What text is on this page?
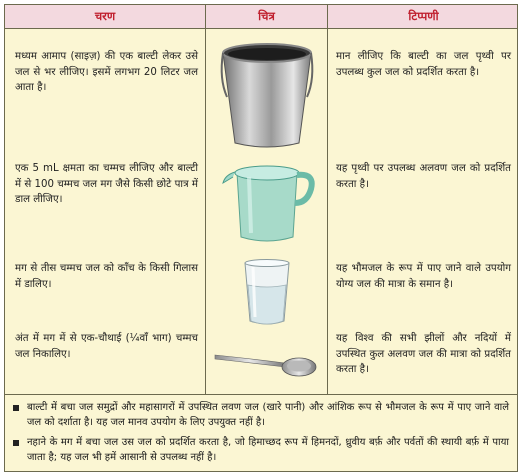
चरण	चित्र	टिप्पणी
मध्यम आमाप (साइज़) की एक बाल्टी लेकर उसे जल से भर लीजिए। इसमें लगभग 20 लिटर जल आता है।
मान लीजिए कि बाल्टी का जल पृथ्वी पर उपलब्ध कुल जल को प्रदर्शित करता है।
एक 5 mL क्षमता का चम्मच लीजिए और बाल्टी में से 100 चम्मच जल मग जैसे किसी छोटे पात्र में डाल लीजिए।
यह पृथ्वी पर उपलब्ध अलवण जल को प्रदर्शित करता है।
मग से तीस चम्मच जल को काँच के किसी गिलास में डालिए।
यह भौमजल के रूप में पाए जाने वाले उपयोग योग्य जल की मात्रा के समान है।
अंत में मग में से एक-चौथाई (¼वाँ भाग) चम्मच जल निकालिए।
यह विश्व की सभी झीलों और नदियों में उपस्थित कुल अलवण जल की मात्रा को प्रदर्शित करता है।
बाल्टी में बचा जल समुद्रों और महासागरों में उपस्थित लवण जल (खारे पानी) और आंशिक रूप से भौमजल के रूप में पाए जाने वाले जल को दर्शाता है। यह जल मानव उपयोग के लिए उपयुक्त नहीं है।
नहाने के मग में बचा जल उस जल को प्रदर्शित करता है, जो हिमाच्छद रूप में हिमनदों, ध्रुवीय बर्फ़ और पर्वतों की स्थायी बर्फ़ में पाया जाता है; यह जल भी हमें आसानी से उपलब्ध नहीं है।
